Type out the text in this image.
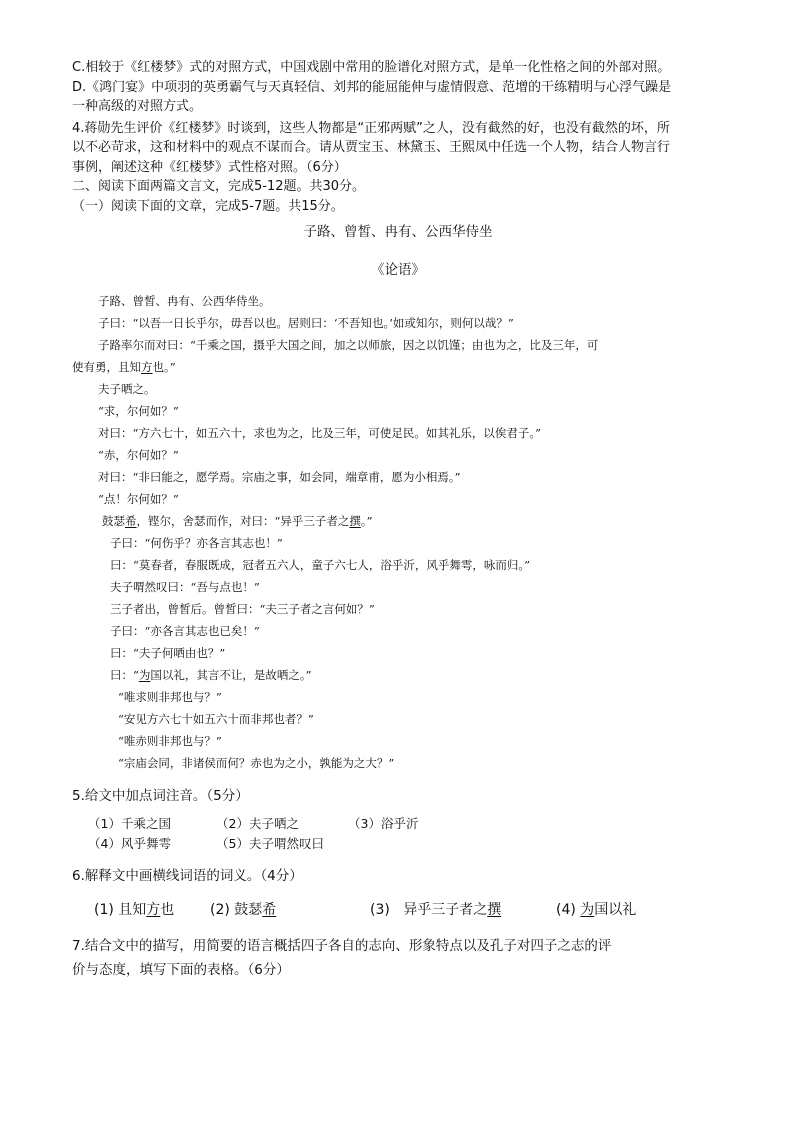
C.相较于《红楼梦》式的对照方式，中国戏剧中常用的脸谱化对照方式，是单一化性格之间的外部对照。

D.《鸿门宴》中项羽的英勇霸气与天真轻信、刘邦的能屈能伸与虚情假意、范增的干练精明与心浮气躁是

一种高级的对照方式。

4.蒋勋先生评价《红楼梦》时谈到，这些人物都是“正邪两赋”之人，没有截然的好，也没有截然的坏，所

以不必苛求，这和材料中的观点不谋而合。请从贾宝玉、林黛玉、王熙凤中任选一个人物，结合人物言行

事例，阐述这种《红楼梦》式性格对照。（6分）

二、阅读下面两篇文言文，完成5-12题。共30分。

（一）阅读下面的文章，完成5-7题。共15分。

子路、曾皙、冉有、公西华侍坐

《论语》

子路、曾皙、冉有、公西华侍坐。

子曰：“以吾一日长乎尔，毋吾以也。居则曰：‘不吾知也。’如或知尔，则何以哉？”

子路率尔而对曰：“千乘之国，摄乎大国之间，加之以师旅，因之以饥馑；由也为之，比及三年，可

使有勇，且知方也。”

夫子哂之。

“求，尔何如？”

对曰：“方六七十，如五六十，求也为之，比及三年，可使足民。如其礼乐，以俟君子。”

“赤，尔何如？”

对曰：“非曰能之，愿学焉。宗庙之事，如会同，端章甫，愿为小相焉。”

“点！尔何如？”

鼓瑟希，铿尔，舍瑟而作，对曰：“异乎三子者之撰。”

子曰：“何伤乎？亦各言其志也！”

曰：“莫春者，春服既成，冠者五六人，童子六七人，浴乎沂，风乎舞雩，咏而归。”

夫子喟然叹曰：“吾与点也！”

三子者出，曾皙后。曾皙曰：“夫三子者之言何如？”

子曰：“亦各言其志也已矣！”

曰：“夫子何哂由也？”

曰：“为国以礼，其言不让，是故哂之。”

“唯求则非邦也与？”

“安见方六七十如五六十而非邦也者？”

“唯赤则非邦也与？”

“宗庙会同，非诸侯而何？赤也为之小，孰能为之大？”

5.给文中加点词注音。（5分）

（1）千乘之国	（2）夫子哂之	（3）浴乎沂
（4）风乎舞雩	（5）夫子喟然叹曰

6.解释文中画横线词语的词义。（4分）

(1) 且知方也	(2) 鼓瑟希	(3) 异乎三子者之撰	(4) 为国以礼

7.结合文中的描写，用简要的语言概括四子各自的志向、形象特点以及孔子对四子之志的评

价与态度，填写下面的表格。（6分）
